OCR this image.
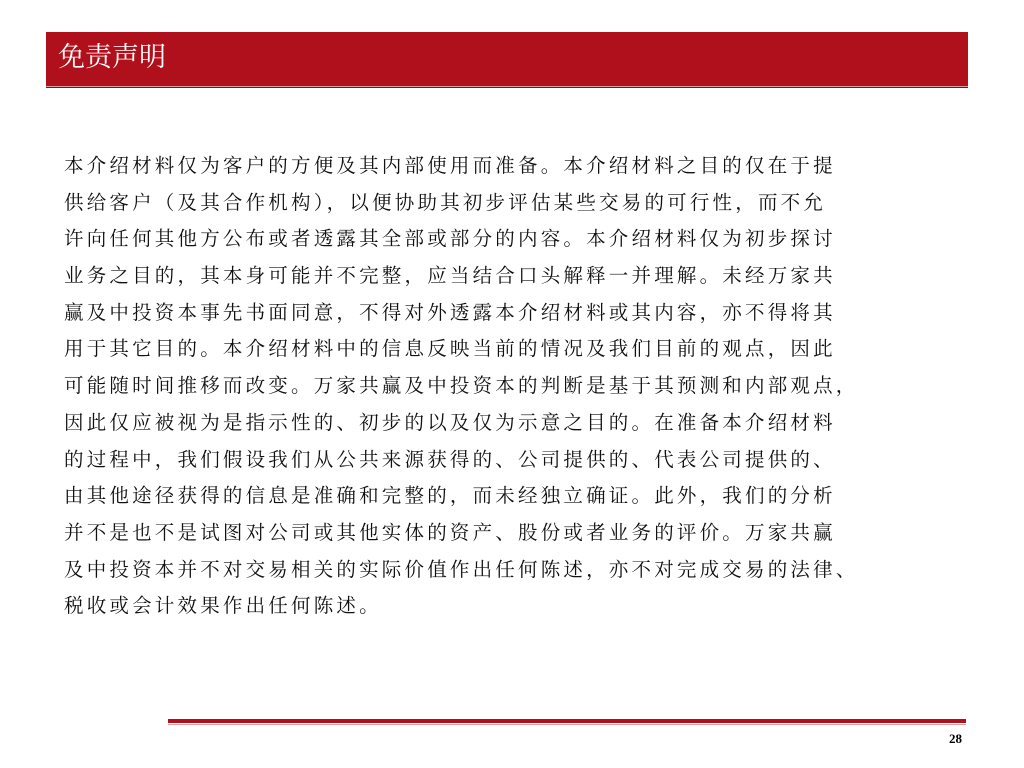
免责声明
本介绍材料仅为客户的方便及其内部使用而准备。本介绍材料之目的仅在于提
供给客户（及其合作机构），以便协助其初步评估某些交易的可行性，而不允
许向任何其他方公布或者透露其全部或部分的内容。本介绍材料仅为初步探讨
业务之目的，其本身可能并不完整，应当结合口头解释一并理解。未经万家共
赢及中投资本事先书面同意，不得对外透露本介绍材料或其内容，亦不得将其
用于其它目的。本介绍材料中的信息反映当前的情况及我们目前的观点，因此
可能随时间推移而改变。万家共赢及中投资本的判断是基于其预测和内部观点，
因此仅应被视为是指示性的、初步的以及仅为示意之目的。在准备本介绍材料
的过程中，我们假设我们从公共来源获得的、公司提供的、代表公司提供的、
由其他途径获得的信息是准确和完整的，而未经独立确证。此外，我们的分析
并不是也不是试图对公司或其他实体的资产、股份或者业务的评价。万家共赢
及中投资本并不对交易相关的实际价值作出任何陈述，亦不对完成交易的法律、
税收或会计效果作出任何陈述。
28
